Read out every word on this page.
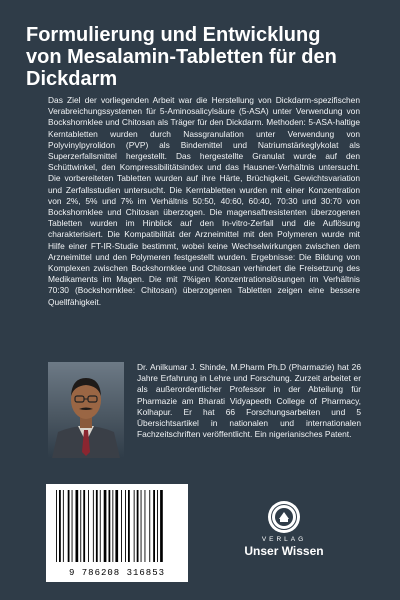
Formulierung und Entwicklung
von Mesalamin-Tabletten für den
Dickdarm

Das Ziel der vorliegenden Arbeit war die Herstellung von Dickdarm-spezifischen Verabreichungssystemen für 5-Aminosalicylsäure (5-ASA) unter Verwendung von Bockshornklee und Chitosan als Träger für den Dickdarm. Methoden: 5-ASA-haltige Kerntabletten wurden durch Nassgranulation unter Verwendung von Polyvinylpyrolidon (PVP) als Bindemittel und Natriumstärkeglykolat als Superzerfallsmittel hergestellt. Das hergestellte Granulat wurde auf den Schüttwinkel, den Kompressibilitätsindex und das Hausner-Verhältnis untersucht. Die vorbereiteten Tabletten wurden auf ihre Härte, Brüchigkeit, Gewichtsvariation und Zerfallsstudien untersucht. Die Kerntabletten wurden mit einer Konzentration von 2%, 5% und 7% im Verhältnis 50:50, 40:60, 60:40, 70:30 und 30:70 von Bockshornklee und Chitosan überzogen. Die magensaftresistenten überzogenen Tabletten wurden im Hinblick auf den In-vitro-Zerfall und die Auflösung charakterisiert. Die Kompatibilität der Arzneimittel mit den Polymeren wurde mit Hilfe einer FT-IR-Studie bestimmt, wobei keine Wechselwirkungen zwischen dem Arzneimittel und den Polymeren festgestellt wurden. Ergebnisse: Die Bildung von Komplexen zwischen Bockshornklee und Chitosan verhindert die Freisetzung des Medikaments im Magen. Die mit 7%igen Konzentrationslösungen im Verhältnis 70:30 (Bockshornklee: Chitosan) überzogenen Tabletten zeigen eine bessere Quellfähigkeit.

Dr. Anilkumar J. Shinde, M.Pharm Ph.D (Pharmazie) hat 26 Jahre Erfahrung in Lehre und Forschung. Zurzeit arbeitet er als außerordentlicher Professor in der Abteilung für Pharmazie am Bharati Vidyapeeth College of Pharmacy, Kolhapur. Er hat 66 Forschungsarbeiten und 5 Übersichtsartikel in nationalen und internationalen Fachzeitschriften veröffentlicht. Ein nigerianisches Patent.

9 786208 316853
VERLAG
Unser Wissen
